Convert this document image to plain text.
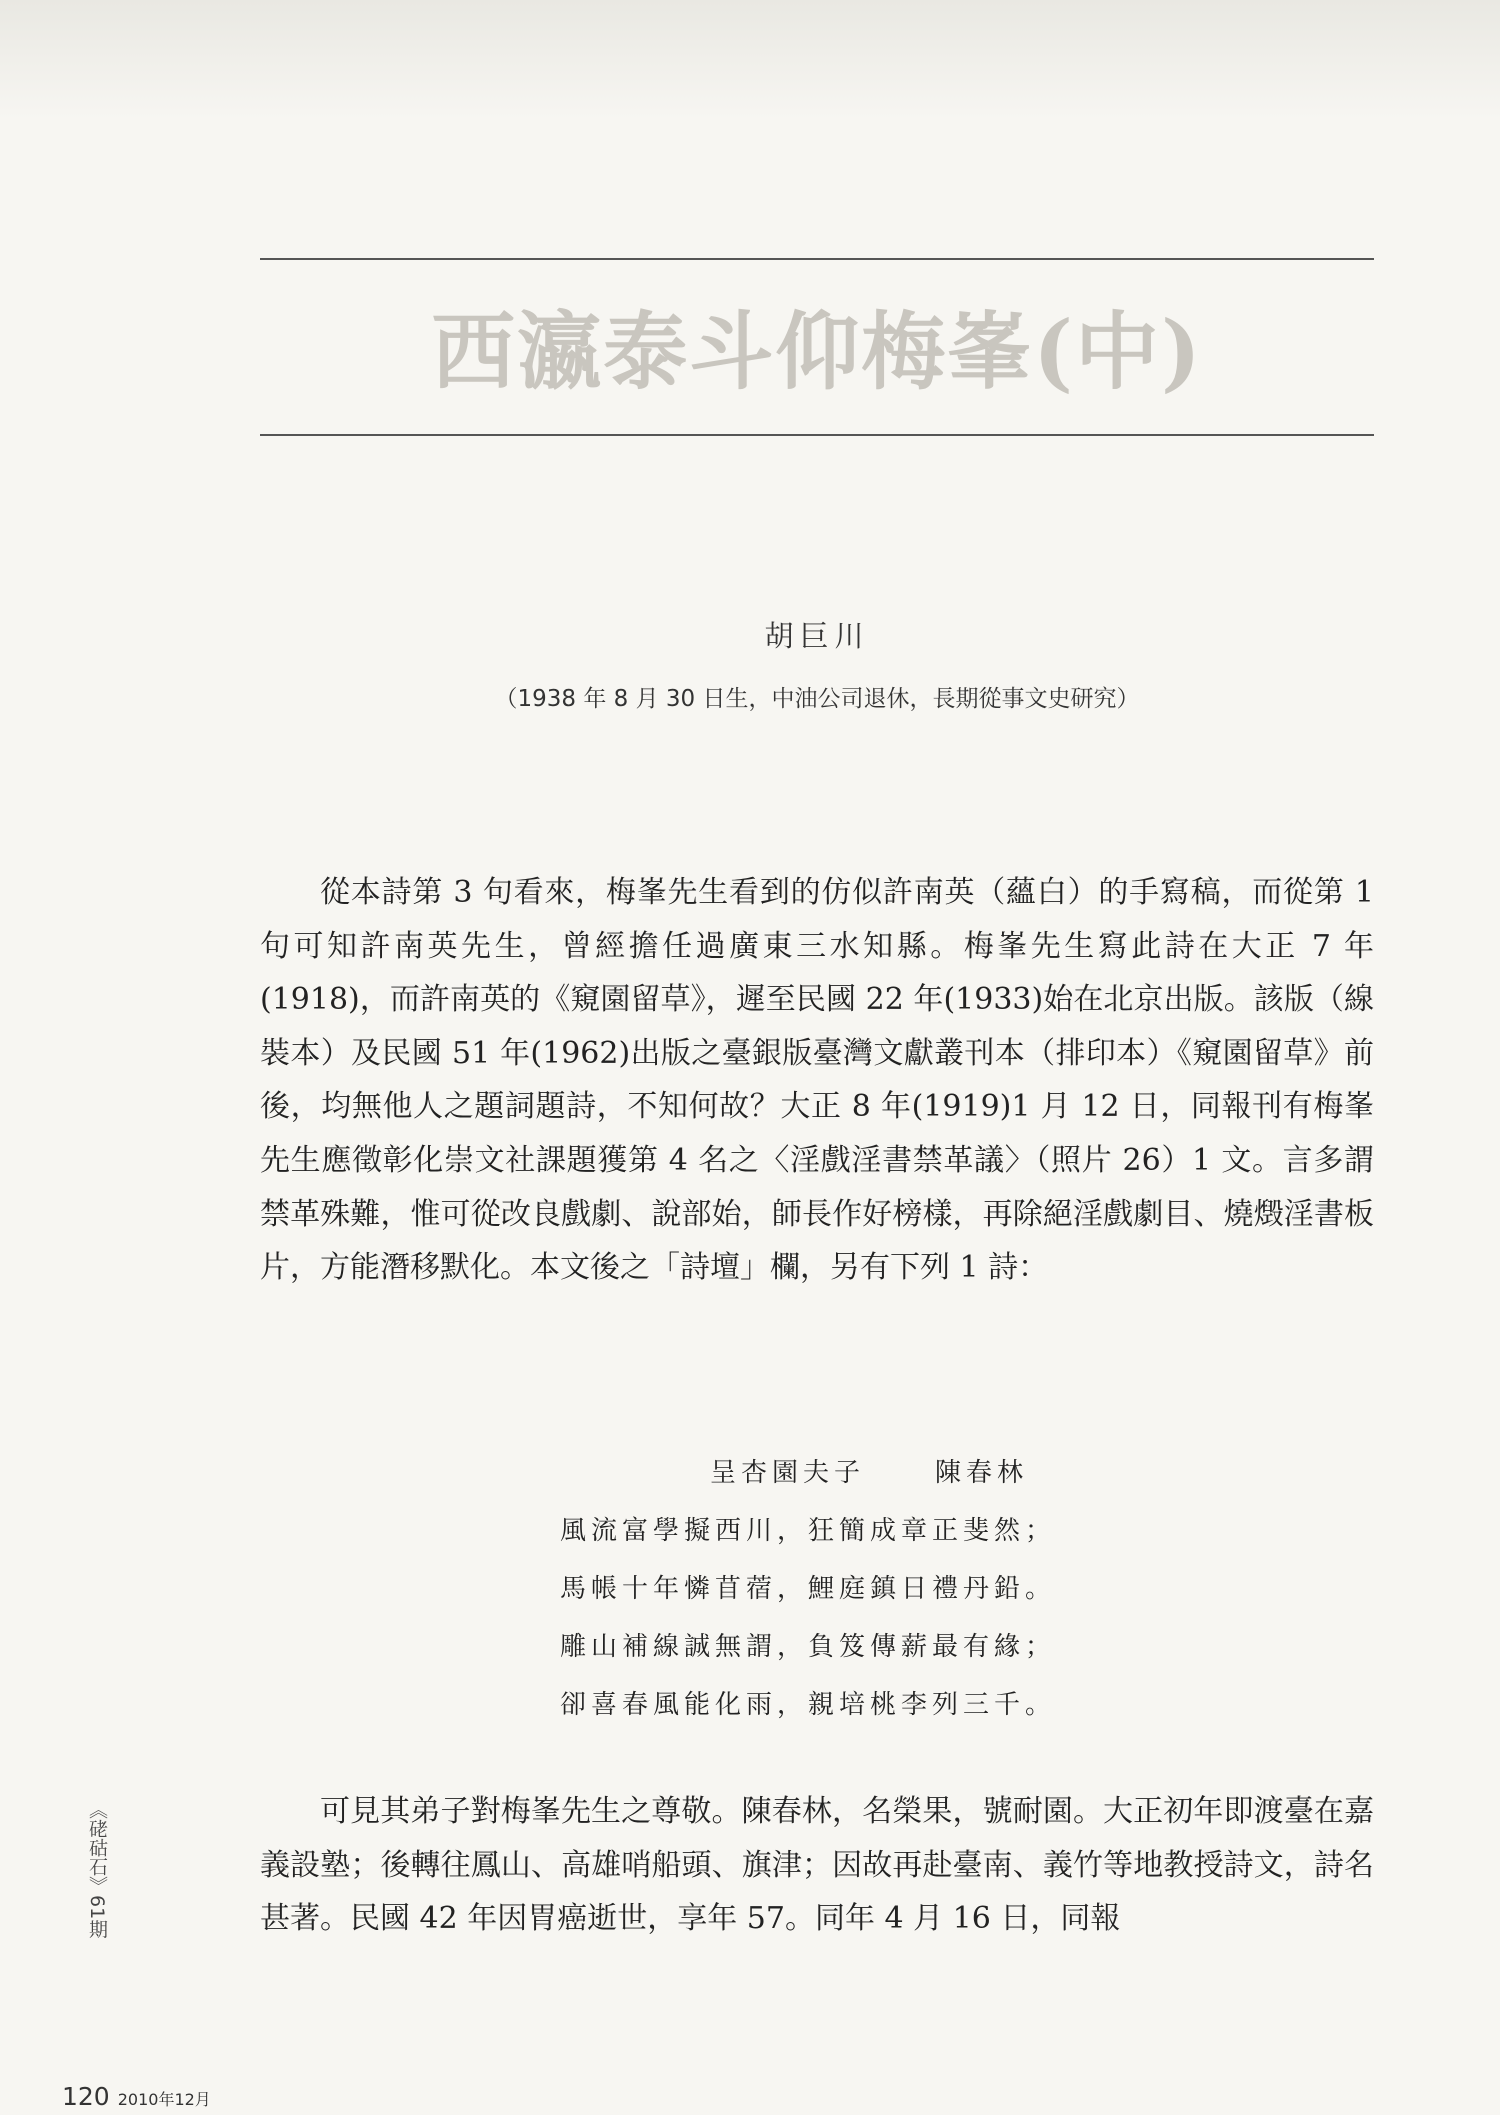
西瀛泰斗仰梅峯(中)
胡巨川
（1938 年 8 月 30 日生，中油公司退休，長期從事文史研究）

從本詩第 3 句看來，梅峯先生看到的仿似許南英（蘊白）的手寫稿，而從第 1 句可知許南英先生，曾經擔任過廣東三水知縣。梅峯先生寫此詩在大正 7 年(1918)，而許南英的《窺園留草》，遲至民國 22 年(1933)始在北京出版。該版（線裝本）及民國 51 年(1962)出版之臺銀版臺灣文獻叢刊本（排印本）《窺園留草》前後，均無他人之題詞題詩，不知何故？大正 8 年(1919)1 月 12 日，同報刊有梅峯先生應徵彰化崇文社課題獲第 4 名之〈淫戲淫書禁革議〉（照片 26）1 文。言多謂禁革殊難，惟可從改良戲劇、說部始，師長作好榜樣，再除絕淫戲劇目、燒燬淫書板片，方能潛移默化。本文後之「詩壇」欄，另有下列 1 詩：

呈杏園夫子	陳春林
風流富學擬西川，狂簡成章正斐然；
馬帳十年憐苜蓿，鯉庭鎮日禮丹鉛。
雕山補線誠無謂，負笈傳薪最有緣；
卻喜春風能化雨，親培桃李列三千。

可見其弟子對梅峯先生之尊敬。陳春林，名榮果，號耐園。大正初年即渡臺在嘉義設塾；後轉往鳳山、高雄哨船頭、旗津；因故再赴臺南、義竹等地教授詩文，詩名甚著。民國 42 年因胃癌逝世，享年 57。同年 4 月 16 日，同報

《硓𥑮石》61期
120 2010年12月
